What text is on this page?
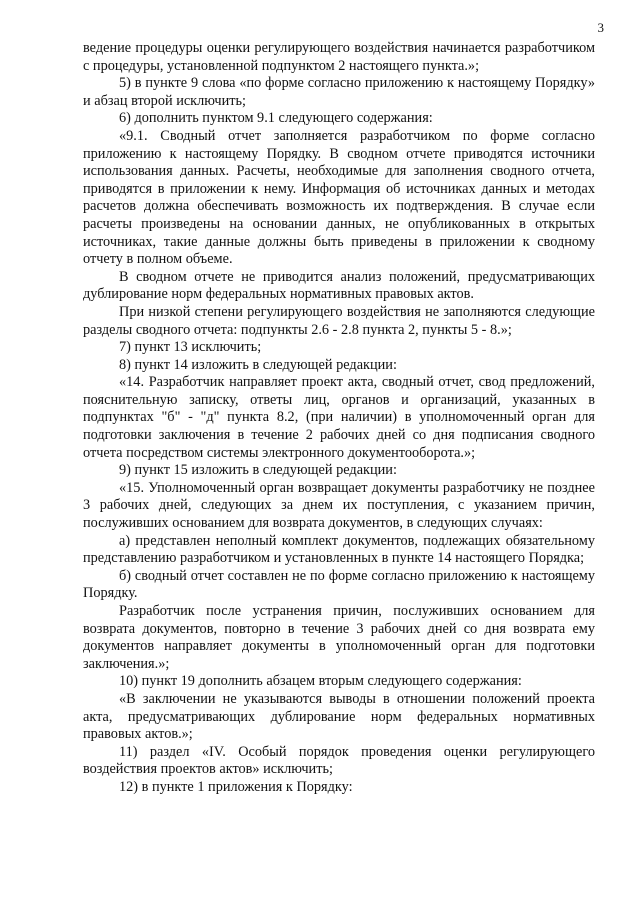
3

ведение процедуры оценки регулирующего воздействия начинается разработчиком с процедуры, установленной подпунктом 2 настоящего пункта.»;

5) в пункте 9 слова «по форме согласно приложению к настоящему Порядку» и абзац второй исключить;

6) дополнить пунктом 9.1 следующего содержания:

«9.1. Сводный отчет заполняется разработчиком по форме согласно приложению к настоящему Порядку. В сводном отчете приводятся источники использования данных. Расчеты, необходимые для заполнения сводного отчета, приводятся в приложении к нему. Информация об источниках данных и методах расчетов должна обеспечивать возможность их подтверждения. В случае если расчеты произведены на основании данных, не опубликованных в открытых источниках, такие данные должны быть приведены в приложении к сводному отчету в полном объеме.

В сводном отчете не приводится анализ положений, предусматривающих дублирование норм федеральных нормативных правовых актов.

При низкой степени регулирующего воздействия не заполняются следующие разделы сводного отчета: подпункты 2.6 - 2.8 пункта 2, пункты 5 - 8.»;

7) пункт 13 исключить;

8) пункт 14 изложить в следующей редакции:

«14. Разработчик направляет проект акта, сводный отчет, свод предложений, пояснительную записку, ответы лиц, органов и организаций, указанных в подпунктах "б" - "д" пункта 8.2, (при наличии) в уполномоченный орган для подготовки заключения в течение 2 рабочих дней со дня подписания сводного отчета посредством системы электронного документооборота.»;

9) пункт 15 изложить в следующей редакции:

«15. Уполномоченный орган возвращает документы разработчику не позднее 3 рабочих дней, следующих за днем их поступления, с указанием причин, послуживших основанием для возврата документов, в следующих случаях:

а) представлен неполный комплект документов, подлежащих обязательному представлению разработчиком и установленных в пункте 14 настоящего Порядка;

б) сводный отчет составлен не по форме согласно приложению к настоящему Порядку.

Разработчик после устранения причин, послуживших основанием для возврата документов, повторно в течение 3 рабочих дней со дня возврата ему документов направляет документы в уполномоченный орган для подготовки заключения.»;

10) пункт 19 дополнить абзацем вторым следующего содержания:

«В заключении не указываются выводы в отношении положений проекта акта, предусматривающих дублирование норм федеральных нормативных правовых актов.»;

11) раздел «IV. Особый порядок проведения оценки регулирующего воздействия проектов актов» исключить;

12) в пункте 1 приложения к Порядку:
